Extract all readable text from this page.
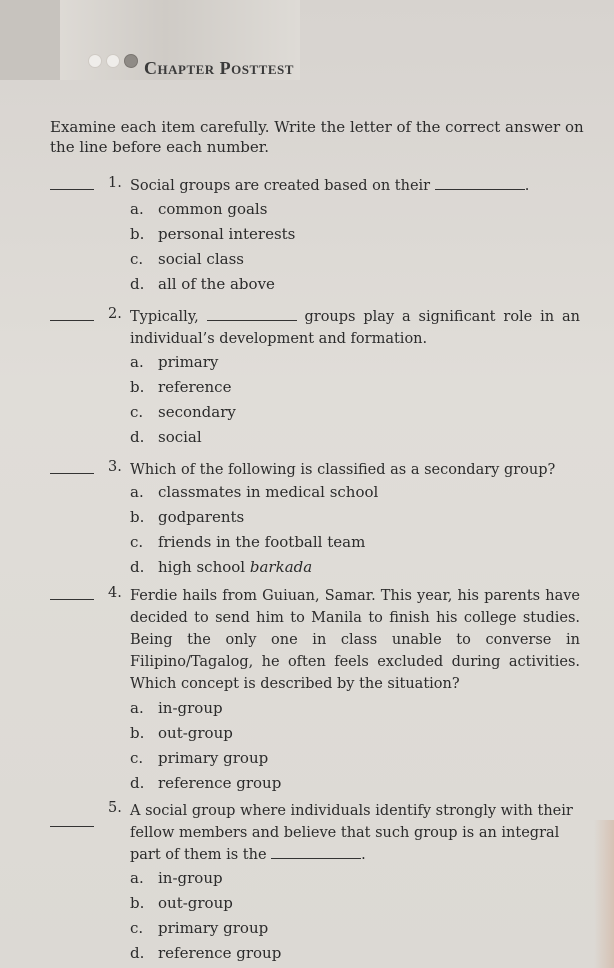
Chapter Posttest
Examine each item carefully. Write the letter of the correct answer on the line before each number.
1. Social groups are created based on their	.
a. common goals
b. personal interests
c. social class
d. all of the above
2. Typically,	groups play a significant role in an individual’s development and formation.
a. primary
b. reference
c. secondary
d. social
3. Which of the following is classified as a secondary group?
a. classmates in medical school
b. godparents
c. friends in the football team
d. high school
barkada
4. Ferdie hails from Guiuan, Samar. This year, his parents have decided to send him to Manila to finish his college studies. Being the only one in class unable to converse in Filipino/Tagalog, he often feels excluded during activities. Which concept is described by the situation?
a. in-group
b. out-group
c. primary group
d. reference group
5. A social group where individuals identify strongly with their fellow members and believe that such group is an integral part of them is the	.
a. in-group
b. out-group
c. primary group
d. reference group
